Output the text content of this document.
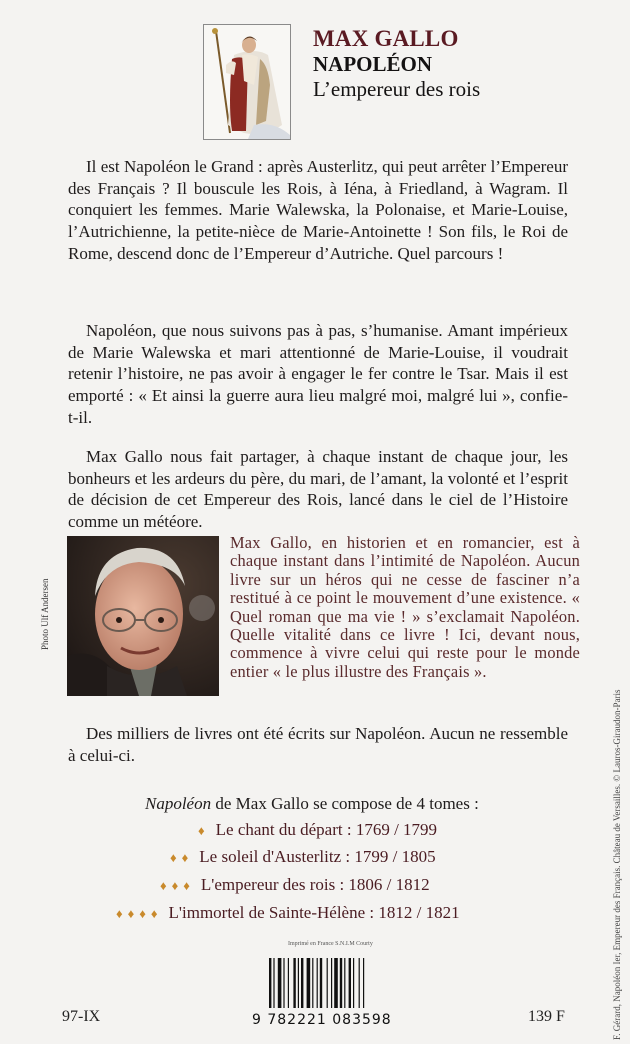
MAX GALLO
NAPOLÉON
L’empereur des rois

Il est Napoléon le Grand : après Austerlitz, qui peut arrêter l’Empereur des Français ? Il bouscule les Rois, à Iéna, à Friedland, à Wagram. Il conquiert les femmes. Marie Walewska, la Polonaise, et Marie-Louise, l’Autrichienne, la petite-nièce de Marie-Antoinette ! Son fils, le Roi de Rome, descend donc de l’Empereur d’Autriche. Quel parcours !

Napoléon, que nous suivons pas à pas, s’humanise. Amant impérieux de Marie Walewska et mari attentionné de Marie-Louise, il voudrait retenir l’histoire, ne pas avoir à engager le fer contre le Tsar. Mais il est emporté : « Et ainsi la guerre aura lieu malgré moi, malgré lui », confie-t-il.

Max Gallo nous fait partager, à chaque instant de chaque jour, les bonheurs et les ardeurs du père, du mari, de l’amant, la volonté et l’esprit de décision de cet Empereur des Rois, lancé dans le ciel de l’Histoire comme un météore.

Photo Ulf Andersen
Max Gallo, en historien et en romancier, est à chaque instant dans l’intimité de Napoléon. Aucun livre sur un héros qui ne cesse de fasciner n’a restitué à ce point le mouvement d’une existence. « Quel roman que ma vie ! » s’exclamait Napoléon. Quelle vitalité dans ce livre ! Ici, devant nous, commence à vivre celui qui reste pour le monde entier « le plus illustre des Français ».

Des milliers de livres ont été écrits sur Napoléon. Aucun ne ressemble à celui-ci.

Napoléon de Max Gallo se compose de 4 tomes :
♦ Le chant du départ : 1769 / 1799
♦♦ Le soleil d'Austerlitz : 1799 / 1805
♦♦♦ L'empereur des rois : 1806 / 1812
♦♦♦♦ L'immortel de Sainte-Hélène : 1812 / 1821
Imprimé en France S.N.I.M Courty
9 782221 083598
97-IX	139 F	F. Gérard, Napoléon Ier, Empereur des Français. Château de Versailles. © Lauros-Giraudon-Paris
